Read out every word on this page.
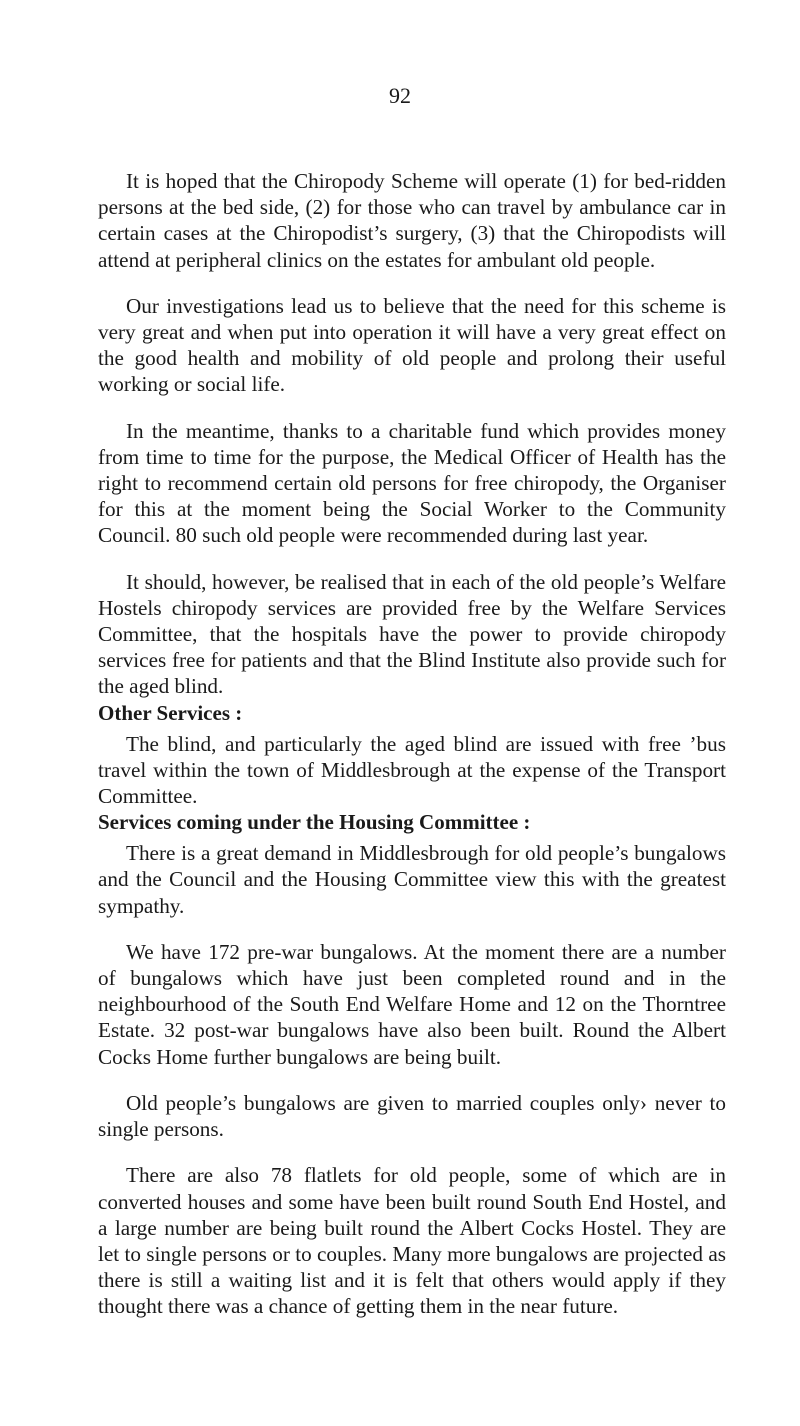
92

It is hoped that the Chiropody Scheme will operate (1) for bed-ridden persons at the bed side, (2) for those who can travel by ambulance car in certain cases at the Chiropodist’s surgery, (3) that the Chiropodists will attend at peripheral clinics on the estates for ambulant old people.

Our investigations lead us to believe that the need for this scheme is very great and when put into operation it will have a very great effect on the good health and mobility of old people and prolong their useful working or social life.

In the meantime, thanks to a charitable fund which provides money from time to time for the purpose, the Medical Officer of Health has the right to recommend certain old persons for free chiropody, the Organiser for this at the moment being the Social Worker to the Community Council. 80 such old people were recommended during last year.

It should, however, be realised that in each of the old people’s Welfare Hostels chiropody services are provided free by the Welfare Services Committee, that the hospitals have the power to provide chiropody services free for patients and that the Blind Institute also provide such for the aged blind.

Other Services :

The blind, and particularly the aged blind are issued with free ’bus travel within the town of Middlesbrough at the expense of the Transport Committee.

Services coming under the Housing Committee :

There is a great demand in Middlesbrough for old people’s bungalows and the Council and the Housing Committee view this with the greatest sympathy.

We have 172 pre-war bungalows. At the moment there are a number of bungalows which have just been completed round and in the neighbourhood of the South End Welfare Home and 12 on the Thorntree Estate. 32 post-war bungalows have also been built. Round the Albert Cocks Home further bungalows are being built.

Old people’s bungalows are given to married couples only› never to single persons.

There are also 78 flatlets for old people, some of which are in converted houses and some have been built round South End Hostel, and a large number are being built round the Albert Cocks Hostel. They are let to single persons or to couples. Many more bungalows are projected as there is still a waiting list and it is felt that others would apply if they thought there was a chance of getting them in the near future.
